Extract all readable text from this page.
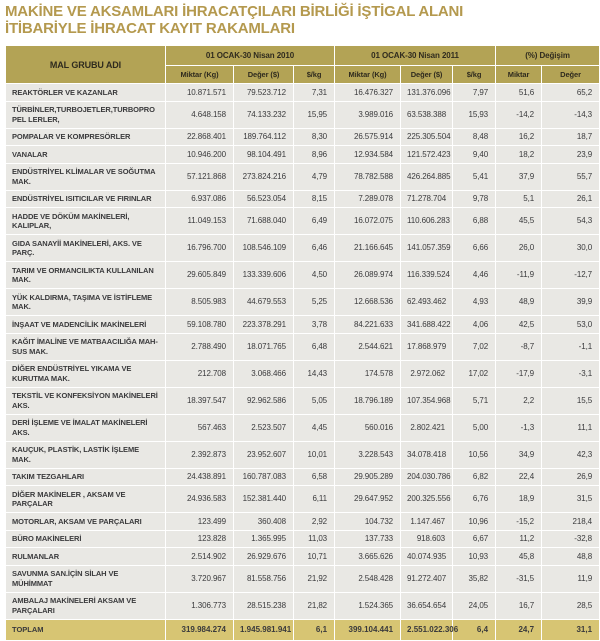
MAKİNE VE AKSAMLARI İHRACATÇILARI BİRLİĞİ İŞTİGAL ALANI
İTİBARİYLE İHRACAT KAYIT RAKAMLARI
MAL GRUBU ADI	01 OCAK-30 Nisan 2010			01 OCAK-30 Nisan 2011			(%) Değişim	
	Miktar (Kg)	Değer ($)	$/kg	Miktar (Kg)	Değer ($)	$/kg	Miktar	Değer
REAKTÖRLER VE KAZANLAR	10.871.571	79.523.712	7,31	16.476.327	131.376.096	7,97	51,6	65,2
TÜRBİNLER,TURBOJETLER,TURBOPROPEL LERLER,	4.648.158	74.133.232	15,95	3.989.016	63.538.388	15,93	-14,2	-14,3
POMPALAR VE KOMPRESÖRLER	22.868.401	189.764.112	8,30	26.575.914	225.305.504	8,48	16,2	18,7
VANALAR	10.946.200	98.104.491	8,96	12.934.584	121.572.423	9,40	18,2	23,9
ENDÜSTRİYEL KLİMALAR VE SOĞUTMA MAK.	57.121.868	273.824.216	4,79	78.782.588	426.264.885	5,41	37,9	55,7
ENDÜSTRİYEL ISITICILAR VE FIRINLAR	6.937.086	56.523.054	8,15	7.289.078	71.278.704	9,78	5,1	26,1
HADDE VE DÖKÜM MAKİNELERİ, KALIPLAR,	11.049.153	71.688.040	6,49	16.072.075	110.606.283	6,88	45,5	54,3
GIDA SANAYİİ MAKİNELERİ, AKS. VE PARÇ.	16.796.700	108.546.109	6,46	21.166.645	141.057.359	6,66	26,0	30,0
TARIM VE ORMANCILIKTA KULLANILAN MAK.	29.605.849	133.339.606	4,50	26.089.974	116.339.524	4,46	-11,9	-12,7
YÜK KALDIRMA, TAŞIMA VE İSTİFLEME MAK.	8.505.983	44.679.553	5,25	12.668.536	62.493.462	4,93	48,9	39,9
İNŞAAT VE MADENCİLİK MAKİNELERİ	59.108.780	223.378.291	3,78	84.221.633	341.688.422	4,06	42,5	53,0
KAĞIT İMALİNE VE MATBAACILIĞA MAH-SUS MAK.	2.788.490	18.071.765	6,48	2.544.621	17.868.979	7,02	-8,7	-1,1
DİĞER ENDÜSTRİYEL YIKAMA VE KURUTMA MAK.	212.708	3.068.466	14,43	174.578	2.972.062	17,02	-17,9	-3,1
TEKSTİL VE KONFEKSİYON MAKİNELERİ AKS.	18.397.547	92.962.586	5,05	18.796.189	107.354.968	5,71	2,2	15,5
DERİ İŞLEME VE İMALAT MAKİNELERİ AKS.	567.463	2.523.507	4,45	560.016	2.802.421	5,00	-1,3	11,1
KAUÇUK, PLASTİK, LASTİK İŞLEME MAK.	2.392.873	23.952.607	10,01	3.228.543	34.078.418	10,56	34,9	42,3
TAKIM TEZGAHLARI	24.438.891	160.787.083	6,58	29.905.289	204.030.786	6,82	22,4	26,9
DİĞER MAKİNELER , AKSAM VE PARÇALAR	24.936.583	152.381.440	6,11	29.647.952	200.325.556	6,76	18,9	31,5
MOTORLAR, AKSAM VE PARÇALARI	123.499	360.408	2,92	104.732	1.147.467	10,96	-15,2	218,4
BÜRO MAKİNELERİ	123.828	1.365.995	11,03	137.733	918.603	6,67	11,2	-32,8
RULMANLAR	2.514.902	26.929.676	10,71	3.665.626	40.074.935	10,93	45,8	48,8
SAVUNMA SAN.İÇİN SİLAH VE MÜHİMMAT	3.720.967	81.558.756	21,92	2.548.428	91.272.407	35,82	-31,5	11,9
AMBALAJ MAKİNELERİ AKSAM VE PARÇALARI	1.306.773	28.515.238	21,82	1.524.365	36.654.654	24,05	16,7	28,5
TOPLAM	319.984.274	1.945.981.941	6,1	399.104.441	2.551.022.306	6,4	24,7	31,1
